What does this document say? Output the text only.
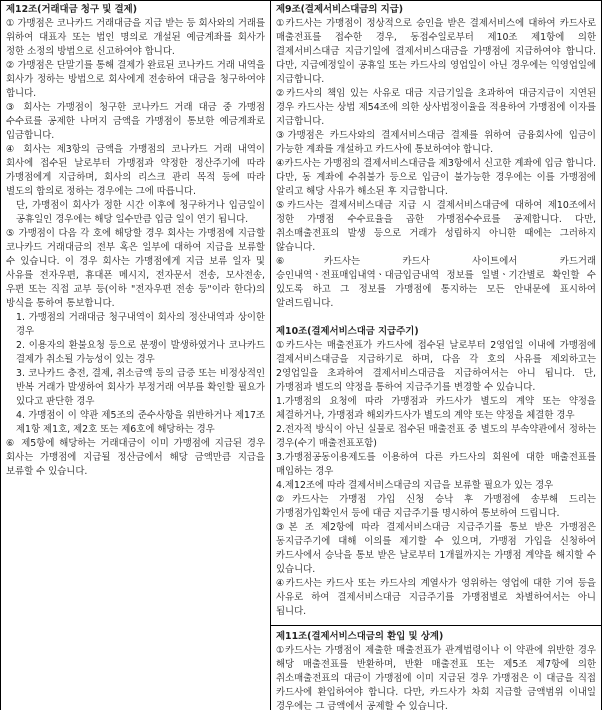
제12조(거래대금 청구 및 결제)

① 가맹점은 코나카드 거래대금을 지급 받는 등 회사와의 거래를 위하여 대표자 또는 법인 명의로 개설된 예금계좌를 회사가 정한 소정의 방법으로 신고하여야 합니다.

② 가맹점은 단말기를 통해 결제가 완료된 코나카드 거래 내역을 회사가 정하는 방법으로 회사에게 전송하여 대금을 청구하여야 합니다.

③ 회사는 가맹점이 청구한 코나카드 거래 대금 중 가맹점 수수료를 공제한 나머지 금액을 가맹점이 통보한 예금계좌로 입금합니다.

④ 회사는 제3항의 금액을 가맹점의 코나카드 거래 내역이 회사에 접수된 날로부터 가맹점과 약정한 정산주기에 따라 가맹점에게 지급하며, 회사의 리스크 관리 목적 등에 따라 별도의 합의로 정하는 경우에는 그에 따릅니다.

단, 가맹점이 회사가 정한 시간 이후에 청구하거나 입금일이 공휴일인 경우에는 해당 일수만큼 입금 일이 연기 됩니다.

⑤ 가맹점이 다음 각 호에 해당할 경우 회사는 가맹점에 지급할 코나카드 거래대금의 전부 혹은 일부에 대하여 지급을 보류할 수 있습니다. 이 경우 회사는 가맹점에게 지급 보류 일자 및 사유를 전자우편, 휴대폰 메시지, 전자문서 전송, 모사전송, 우편 또는 직접 교부 등(이하 "전자우편 전송 등"이라 한다)의 방식을 통하여 통보합니다.

1. 가맹점의 거래대금 청구내역이 회사의 정산내역과 상이한 경우

2. 이용자의 환불요청 등으로 분쟁이 발생하였거나 코나카드 결제가 취소될 가능성이 있는 경우

3. 코나카드 충전, 결제, 취소금액 등의 급증 또는 비정상적인 반복 거래가 발생하여 회사가 부정거래 여부를 확인할 필요가 있다고 판단한 경우

4. 가맹점이 이 약관 제5조의 준수사항을 위반하거나 제17조 제1항 제1호, 제2호 또는 제6호에 해당하는 경우

⑥ 제5항에 해당하는 거래대금이 이미 가맹점에 지급된 경우 회사는 가맹점에 지급될 정산금에서 해당 금액만큼 지급을 보류할 수 있습니다.

제9조(결제서비스대금의 지급)

①카드사는 가맹점이 정상적으로 승인을 받은 결제서비스에 대하여 카드사로 매출전표를 접수한 경우, 동접수일로부터 제10조 제1항에 의한 결제서비스대금 지급기일에 결제서비스대금을 가맹점에 지급하여야 합니다. 다만, 지급예정일이 공휴일 또는 카드사의 영업일이 아닌 경우에는 익영업일에 지급합니다.

②카드사의 책임 있는 사유로 대금 지급기일을 초과하여 대금지급이 지연된 경우 카드사는 상법 제54조에 의한 상사법정이율을 적용하여 가맹점에 이자를 지급합니다.

③가맹점은 카드사와의 결제서비스대금 결제를 위하여 금융회사에 입금이 가능한 계좌를 개설하고 카드사에 통보하여야 합니다.

④카드사는 가맹점의 결제서비스대금을 제3항에서 신고한 계좌에 입금 합니다. 다만, 동 계좌에 수취불가 등으로 입금이 불가능한 경우에는 이를 가맹점에 알리고 해당 사유가 해소된 후 지급합니다.

⑤카드사는 결제서비스대금 지급 시 결제서비스대금에 대하여 제10조에서 정한 가맹점 수수료율을 곱한 가맹점수수료를 공제합니다. 다만, 취소매출전표의 발생 등으로 거래가 성립하지 아니한 때에는 그러하지 않습니다.

⑥카드사는 카드사 사이트에서 카드거래 승인내역ㆍ전표매입내역ㆍ대금입금내역 정보를 일별ㆍ기간별로 확인할 수 있도록 하고 그 정보를 가맹점에 통지하는 모든 안내문에 표시하여 알려드립니다.

제10조(결제서비스대금 지급주기)

①카드사는 매출전표가 카드사에 접수된 날로부터 2영업일 이내에 가맹점에 결제서비스대금을 지급하기로 하며, 다음 각 호의 사유를 제외하고는 2영업일을 초과하여 결제서비스대금을 지급하여서는 아니 됩니다. 단, 가맹점과 별도의 약정을 통하여 지급주기를 변경할 수 있습니다.

1.가맹점의 요청에 따라 가맹점과 카드사가 별도의 계약 또는 약정을 체결하거나, 가맹점과 해외카드사가 별도의 계약 또는 약정을 체결한 경우

2.전자적 방식이 아닌 실물로 접수된 매출전표 중 별도의 부속약관에서 정하는 경우(수기 매출전표포함)

3.가맹점공동이용제도를 이용하여 다른 카드사의 회원에 대한 매출전표를 매입하는 경우

4.제12조에 따라 결제서비스대금의 지급을 보류할 필요가 있는 경우

②카드사는 가맹점 가입 신청 승낙 후 가맹점에 송부해 드리는 가맹점가입확인서 등에 대금 지급주기를 명시하여 통보하여 드립니다.

③본 조 제2항에 따라 결제서비스대금 지급주기를 통보 받은 가맹점은 동지급주기에 대해 이의를 제기할 수 있으며, 가맹점 가입을 신청하여 카드사에서 승낙을 통보 받은 날로부터 1개월까지는 가맹점 계약을 해지할 수 있습니다.

④카드사는 카드사 또는 카드사의 계열사가 영위하는 영업에 대한 기여 등을 사유로 하여 결제서비스대금 지급주기를 가맹점별로 차별하여서는 아니 됩니다.

제11조(결제서비스대금의 환입 및 상계)

①카드사는 가맹점이 제출한 매출전표가 관계법령이나 이 약관에 위반한 경우 해당 매출전표를 반환하며, 반환 매출전표 또는 제5조 제7항에 의한 취소매출전표의 대금이 가맹점에 이미 지급된 경우 가맹점은 이 대금을 직접 카드사에 환입하여야 합니다. 다만, 카드사가 차회 지급할 금액범위 이내일 경우에는 그 금액에서 공제할 수 있습니다.
